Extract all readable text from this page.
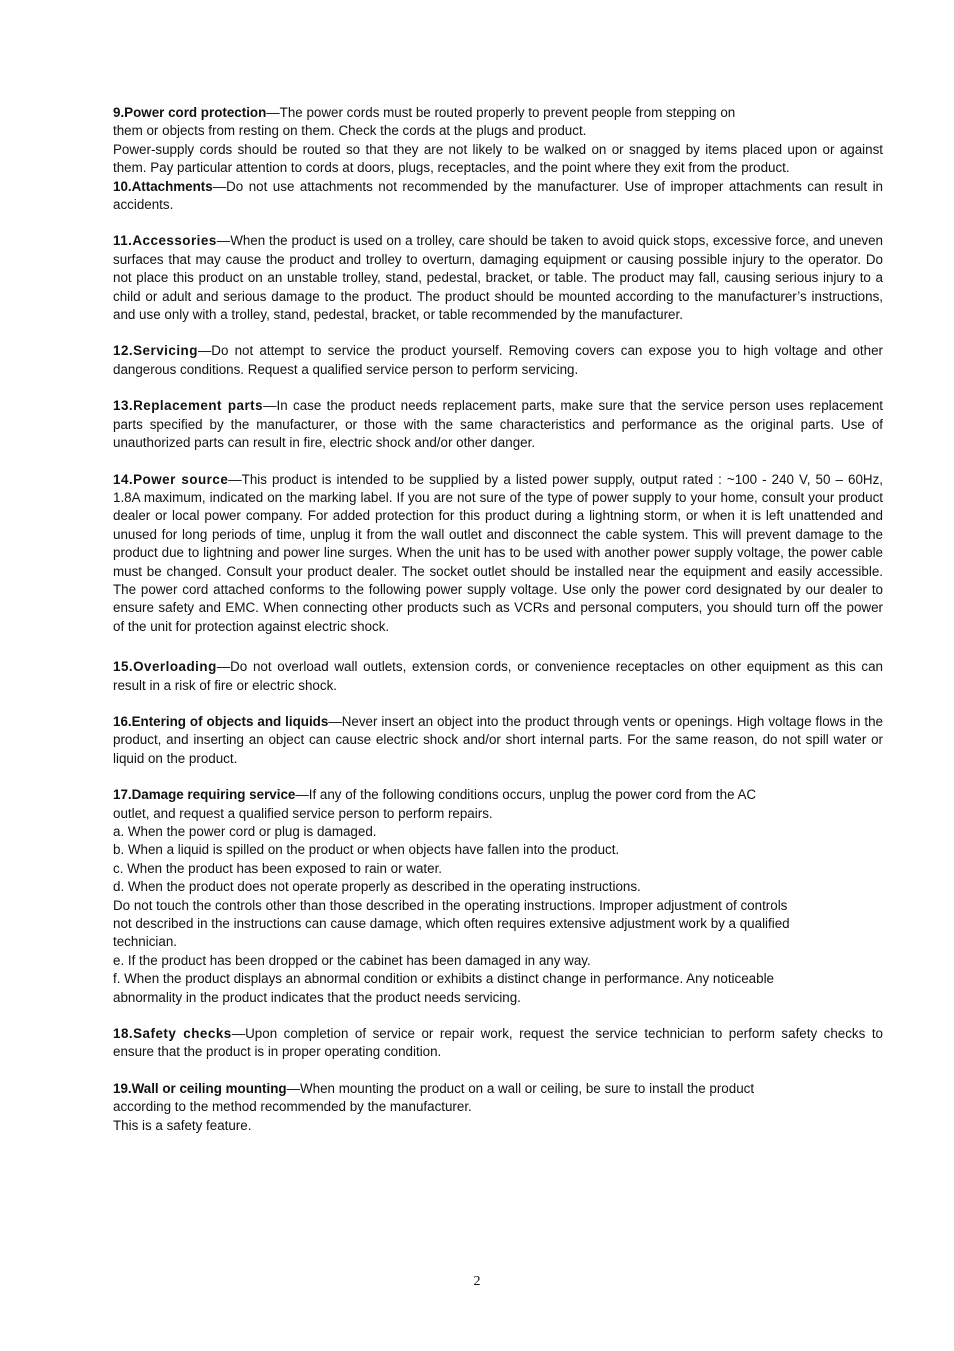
9.Power cord protection—The power cords must be routed properly to prevent people from stepping on
them or objects from resting on them. Check the cords at the plugs and product.
Power-supply cords should be routed so that they are not likely to be walked on or snagged by items placed upon or against them. Pay particular attention to cords at doors, plugs, receptacles, and the point where they exit from the product.
10.Attachments—Do not use attachments not recommended by the manufacturer. Use of improper attachments can result in accidents.
11.Accessories—When the product is used on a trolley, care should be taken to avoid quick stops, excessive force, and uneven surfaces that may cause the product and trolley to overturn, damaging equipment or causing possible injury to the operator. Do not place this product on an unstable trolley, stand, pedestal, bracket, or table. The product may fall, causing serious injury to a child or adult and serious damage to the product. The product should be mounted according to the manufacturer’s instructions, and use only with a trolley, stand, pedestal, bracket, or table recommended by the manufacturer.
12.Servicing—Do not attempt to service the product yourself. Removing covers can expose you to high voltage and other dangerous conditions. Request a qualified service person to perform servicing.
13.Replacement parts—In case the product needs replacement parts, make sure that the service person uses replacement parts specified by the manufacturer, or those with the same characteristics and performance as the original parts. Use of unauthorized parts can result in fire, electric shock and/or other danger.
14.Power source—This product is intended to be supplied by a listed power supply, output rated : ~100 - 240 V, 50 – 60Hz, 1.8A maximum, indicated on the marking label. If you are not sure of the type of power supply to your home, consult your product dealer or local power company. For added protection for this product during a lightning storm, or when it is left unattended and unused for long periods of time, unplug it from the wall outlet and disconnect the cable system. This will prevent damage to the product due to lightning and power line surges. When the unit has to be used with another power supply voltage, the power cable must be changed. Consult your product dealer. The socket outlet should be installed near the equipment and easily accessible. The power cord attached conforms to the following power supply voltage. Use only the power cord designated by our dealer to ensure safety and EMC. When connecting other products such as VCRs and personal computers, you should turn off the power of the unit for protection against electric shock.
15.Overloading—Do not overload wall outlets, extension cords, or convenience receptacles on other equipment as this can result in a risk of fire or electric shock.
16.Entering of objects and liquids—Never insert an object into the product through vents or openings. High voltage flows in the product, and inserting an object can cause electric shock and/or short internal parts. For the same reason, do not spill water or liquid on the product.
17.Damage requiring service—If any of the following conditions occurs, unplug the power cord from the AC
outlet, and request a qualified service person to perform repairs.
a. When the power cord or plug is damaged.
b. When a liquid is spilled on the product or when objects have fallen into the product.
c. When the product has been exposed to rain or water.
d. When the product does not operate properly as described in the operating instructions.
Do not touch the controls other than those described in the operating instructions. Improper adjustment of controls
not described in the instructions can cause damage, which often requires extensive adjustment work by a qualified
technician.
e. If the product has been dropped or the cabinet has been damaged in any way.
f. When the product displays an abnormal condition or exhibits a distinct change in performance. Any noticeable
abnormality in the product indicates that the product needs servicing.
18.Safety checks—Upon completion of service or repair work, request the service technician to perform safety checks to ensure that the product is in proper operating condition.
19.Wall or ceiling mounting—When mounting the product on a wall or ceiling, be sure to install the product
according to the method recommended by the manufacturer.
This is a safety feature.
2
